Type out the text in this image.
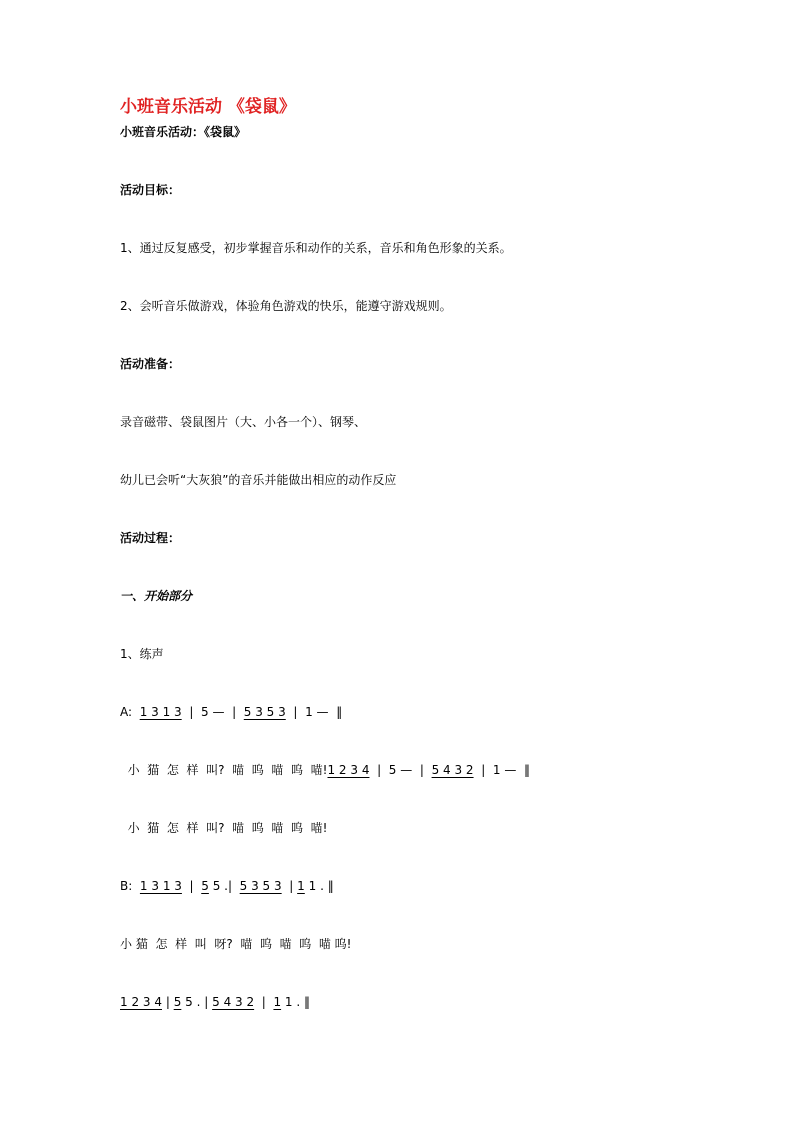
小班音乐活动 《袋鼠》
小班音乐活动：《袋鼠》
活动目标：
1、通过反复感受，初步掌握音乐和动作的关系，音乐和角色形象的关系。
2、会听音乐做游戏，体验角色游戏的快乐，能遵守游戏规则。
活动准备：
录音磁带、袋鼠图片（大、小各一个）、钢琴、
幼儿已会听“大灰狼”的音乐并能做出相应的动作反应
活动过程：
一、开始部分
1、练声
A: 1 3 1 3 | 5 — | 5 3 5 3 | 1 — ‖
小  猫  怎  样  叫?  喵  呜  喵  呜  喵!1 2 3 4 | 5 — | 5 4 3 2 | 1 — ‖
小  猫  怎  样  叫?  喵  呜  喵  呜  喵!
B: 1 3 1 3 | 5 5 .| 5 3 5 3 | 1 1 . ‖
小 猫  怎  样  叫  呀?  喵  呜  喵  呜  喵 呜!
1 2 3 4 | 5 5 . | 5 4 3 2 | 1 1 . ‖
